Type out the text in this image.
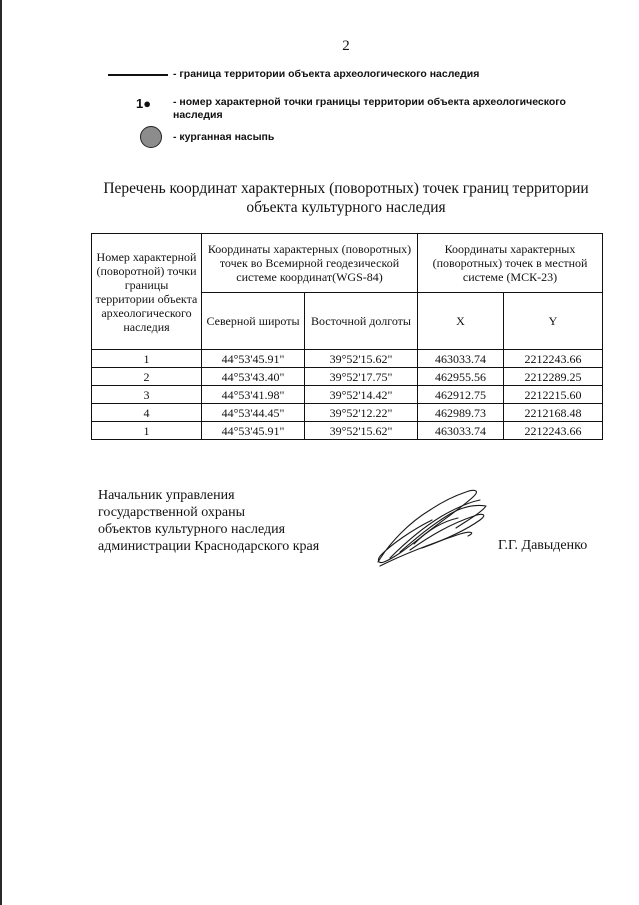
2
- граница территории объекта археологического наследия
1● - номер характерной точки границы территории объекта археологического наследия
- курганная насыпь
Перечень координат характерных (поворотных) точек границ территории
объекта культурного наследия
Номер характерной (поворотной) точки границы территории объекта археологического наследия	Координаты характерных (поворотных) точек во Всемирной геодезической системе координат(WGS-84)		Координаты характерных (поворотных) точек в местной системе (МСК-23)	
	Северной широты	Восточной долготы	X	Y
1	44°53'45.91"	39°52'15.62"	463033.74	2212243.66
2	44°53'43.40"	39°52'17.75"	462955.56	2212289.25
3	44°53'41.98"	39°52'14.42"	462912.75	2212215.60
4	44°53'44.45"	39°52'12.22"	462989.73	2212168.48
1	44°53'45.91"	39°52'15.62"	463033.74	2212243.66
Начальник управления
государственной охраны
объектов культурного наследия
администрации Краснодарского края	Г.Г. Давыденко
